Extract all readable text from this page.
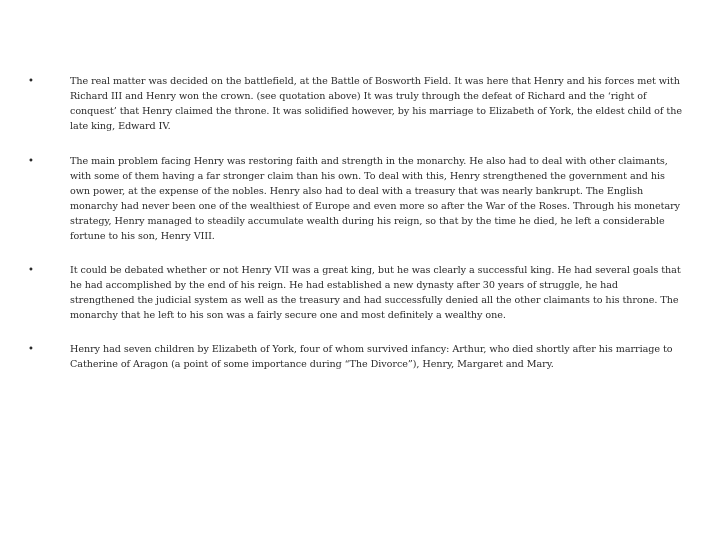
•	The real matter was decided on the battlefield, at the Battle of Bosworth Field. It was here that Henry and his forces met with Richard III and Henry won the crown. (see quotation above) It was truly through the defeat of Richard and the ‘right of conquest’ that Henry claimed the throne. It was solidified however, by his marriage to Elizabeth of York, the eldest child of the late king, Edward IV.
•	The main problem facing Henry was restoring faith and strength in the monarchy. He also had to deal with other claimants, with some of them having a far stronger claim than his own. To deal with this, Henry strengthened the government and his own power, at the expense of the nobles. Henry also had to deal with a treasury that was nearly bankrupt. The English monarchy had never been one of the wealthiest of Europe and even more so after the War of the Roses. Through his monetary strategy, Henry managed to steadily accumulate wealth during his reign, so that by the time he died, he left a considerable fortune to his son, Henry VIII.
•	It could be debated whether or not Henry VII was a great king, but he was clearly a successful king. He had several goals that he had accomplished by the end of his reign. He had established a new dynasty after 30 years of struggle, he had strengthened the judicial system as well as the treasury and had successfully denied all the other claimants to his throne. The monarchy that he left to his son was a fairly secure one and most definitely a wealthy one.
•	Henry had seven children by Elizabeth of York, four of whom survived infancy: Arthur, who died shortly after his marriage to Catherine of Aragon (a point of some importance during “The Divorce”), Henry, Margaret and Mary.
